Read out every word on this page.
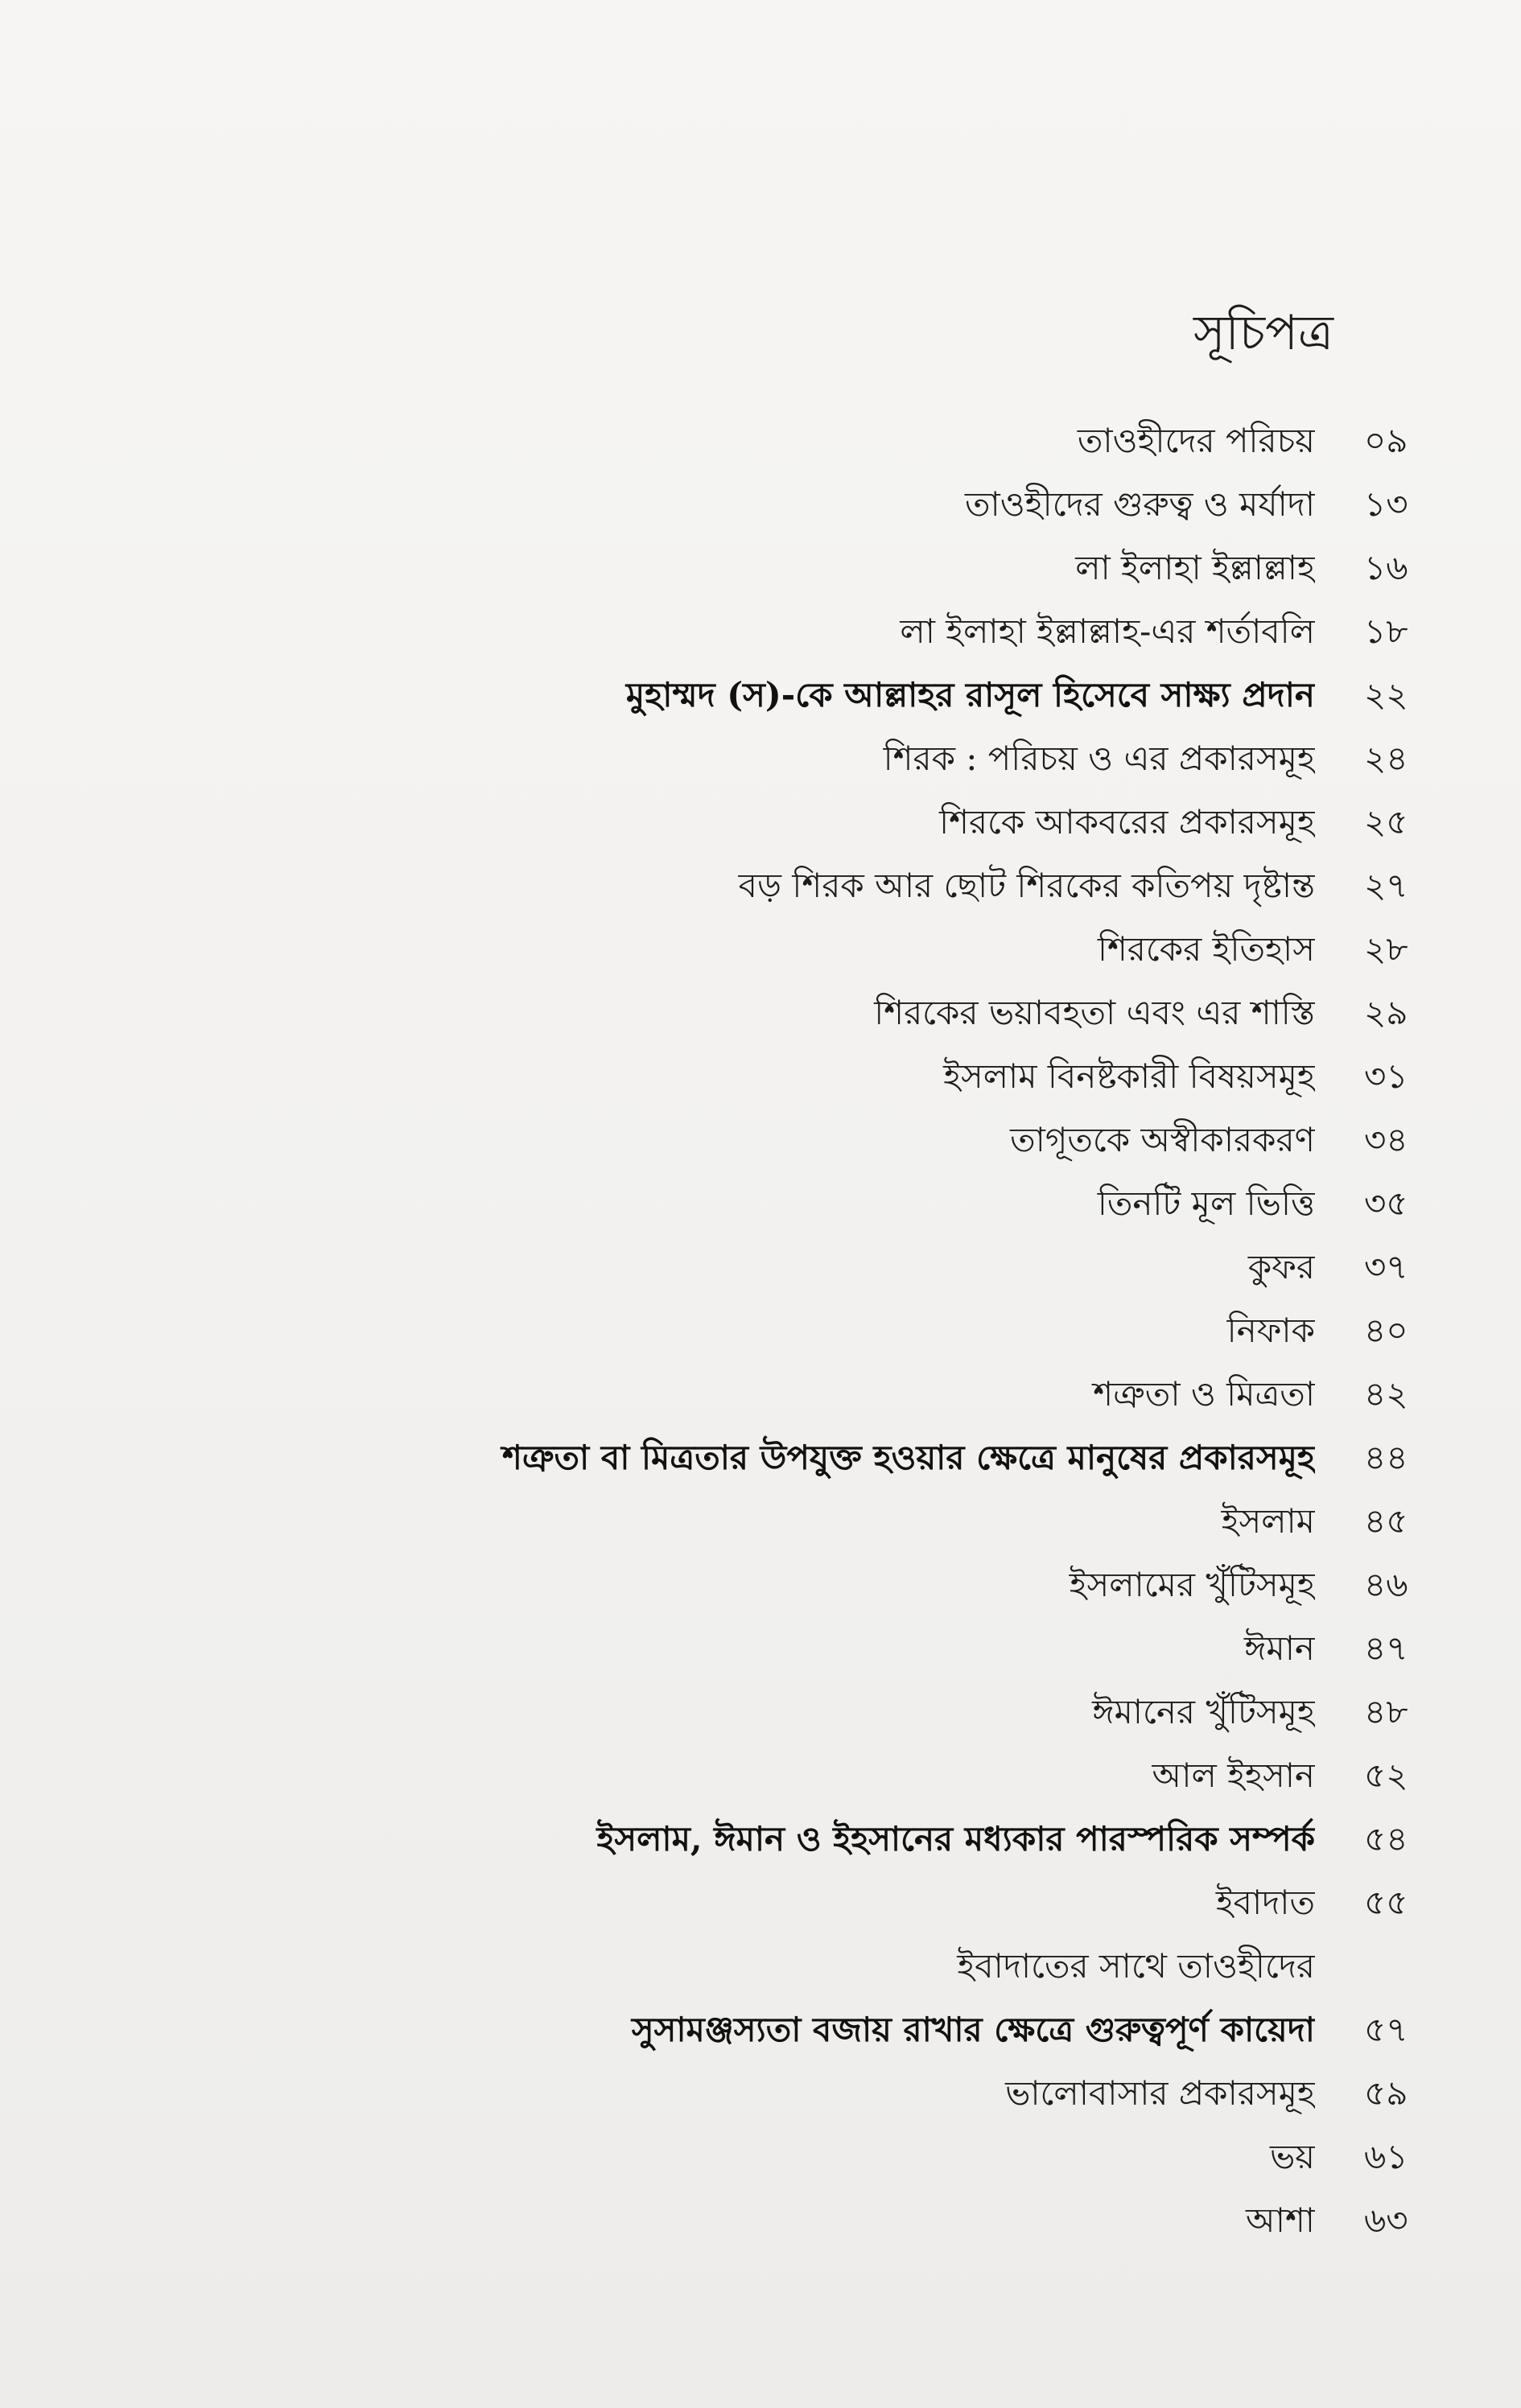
সূচিপত্র
তাওহীদের পরিচয় ০৯
তাওহীদের গুরুত্ব ও মর্যাদা ১৩
লা ইলাহা ইল্লাল্লাহ ১৬
লা ইলাহা ইল্লাল্লাহ-এর শর্তাবলি ১৮
মুহাম্মদ (স)-কে আল্লাহর রাসূল হিসেবে সাক্ষ্য প্রদান ২২
শিরক : পরিচয় ও এর প্রকারসমূহ ২৪
শিরকে আকবরের প্রকারসমূহ ২৫
বড় শিরক আর ছোট শিরকের কতিপয় দৃষ্টান্ত ২৭
শিরকের ইতিহাস ২৮
শিরকের ভয়াবহতা এবং এর শাস্তি ২৯
ইসলাম বিনষ্টকারী বিষয়সমূহ ৩১
তাগূতকে অস্বীকারকরণ ৩৪
তিনটি মূল ভিত্তি ৩৫
কুফর ৩৭
নিফাক ৪০
শত্রুতা ও মিত্রতা ৪২
শত্রুতা বা মিত্রতার উপযুক্ত হওয়ার ক্ষেত্রে মানুষের প্রকারসমূহ ৪৪
ইসলাম ৪৫
ইসলামের খুঁটিসমূহ ৪৬
ঈমান ৪৭
ঈমানের খুঁটিসমূহ ৪৮
আল ইহসান ৫২
ইসলাম, ঈমান ও ইহসানের মধ্যকার পারস্পরিক সম্পর্ক ৫৪
ইবাদাত ৫৫
ইবাদাতের সাথে তাওহীদের
সুসামঞ্জস্যতা বজায় রাখার ক্ষেত্রে গুরুত্বপূর্ণ কায়েদা ৫৭
ভালোবাসার প্রকারসমূহ ৫৯
ভয় ৬১
আশা ৬৩
